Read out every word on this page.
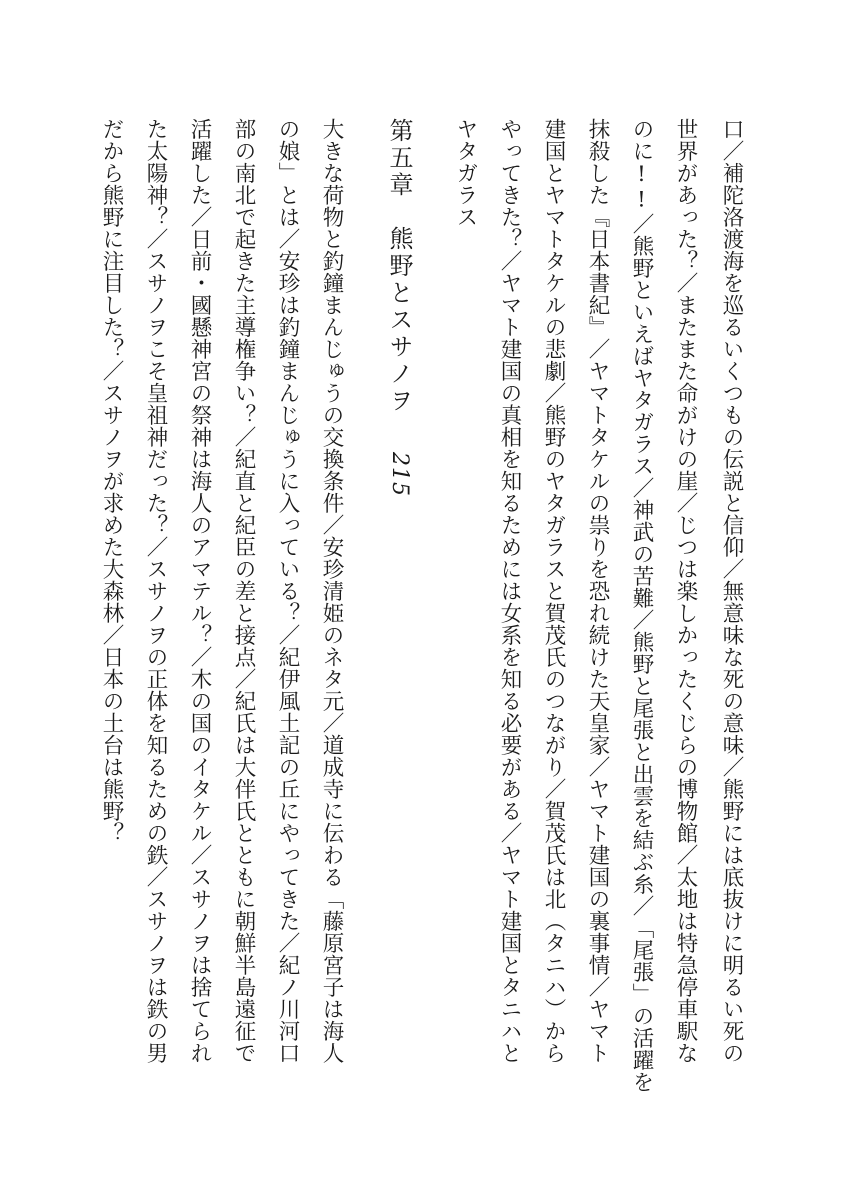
口／補陀洛渡海を巡るいくつもの伝説と信仰／無意味な死の意味／熊野には底抜けに明るい死の
世界があった？／またまた命がけの崖／じつは楽しかったくじらの博物館／太地は特急停車駅な
のに!!／熊野といえばヤタガラス／神武の苦難／熊野と尾張と出雲を結ぶ糸／「尾張」の活躍を
抹殺した『日本書紀』／ヤマトタケルの祟りを恐れ続けた天皇家／ヤマト建国の裏事情／ヤマト
建国とヤマトタケルの悲劇／熊野のヤタガラスと賀茂氏のつながり／賀茂氏は北（タニハ）から
やってきた？／ヤマト建国の真相を知るためには女系を知る必要がある／ヤマト建国とタニハと
ヤタガラス
第五章　熊野とスサノヲ
215
大きな荷物と釣鐘まんじゅうの交換条件／安珍清姫のネタ元／道成寺に伝わる「藤原宮子は海人
の娘」とは／安珍は釣鐘まんじゅうに入っている？／紀伊風土記の丘にやってきた／紀ノ川河口
部の南北で起きた主導権争い？／紀直と紀臣の差と接点／紀氏は大伴氏とともに朝鮮半島遠征で
活躍した／日前・國懸神宮の祭神は海人のアマテル？／木の国のイタケル／スサノヲは捨てられ
た太陽神？／スサノヲこそ皇祖神だった？／スサノヲの正体を知るための鉄／スサノヲは鉄の男
だから熊野に注目した？／スサノヲが求めた大森林／日本の土台は熊野？
